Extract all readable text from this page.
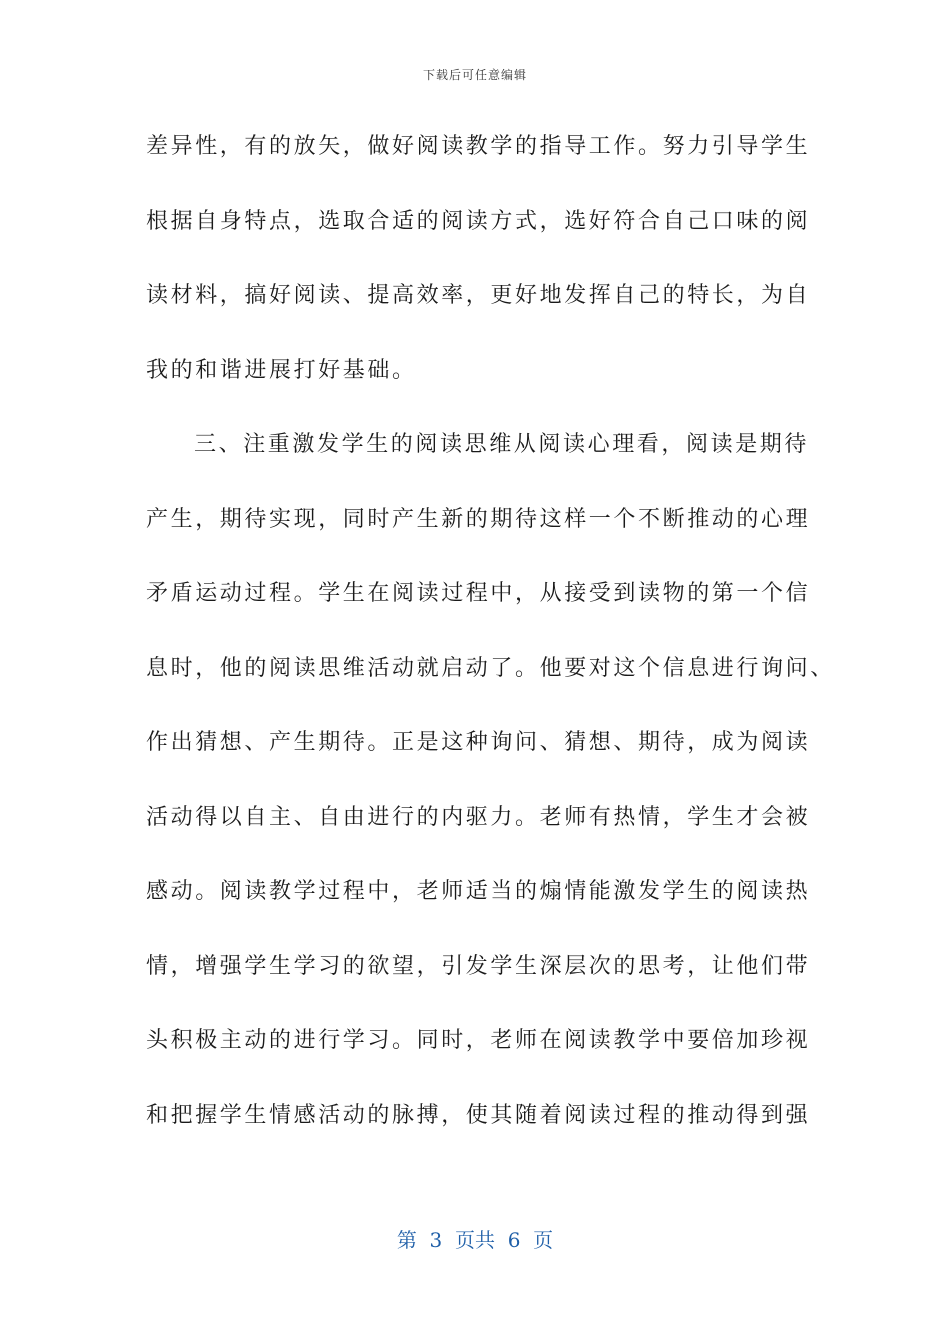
下载后可任意编辑
差异性，有的放矢，做好阅读教学的指导工作。努力引导学生
根据自身特点，选取合适的阅读方式，选好符合自己口味的阅
读材料，搞好阅读、提高效率，更好地发挥自己的特长，为自
我的和谐进展打好基础。
三、注重激发学生的阅读思维从阅读心理看，阅读是期待
产生，期待实现，同时产生新的期待这样一个不断推动的心理
矛盾运动过程。学生在阅读过程中，从接受到读物的第一个信
息时，他的阅读思维活动就启动了。他要对这个信息进行询问、
作出猜想、产生期待。正是这种询问、猜想、期待，成为阅读
活动得以自主、自由进行的内驱力。老师有热情，学生才会被
感动。阅读教学过程中，老师适当的煽情能激发学生的阅读热
情，增强学生学习的欲望，引发学生深层次的思考，让他们带
头积极主动的进行学习。同时，老师在阅读教学中要倍加珍视
和把握学生情感活动的脉搏，使其随着阅读过程的推动得到强
第  3  页共  6  页
